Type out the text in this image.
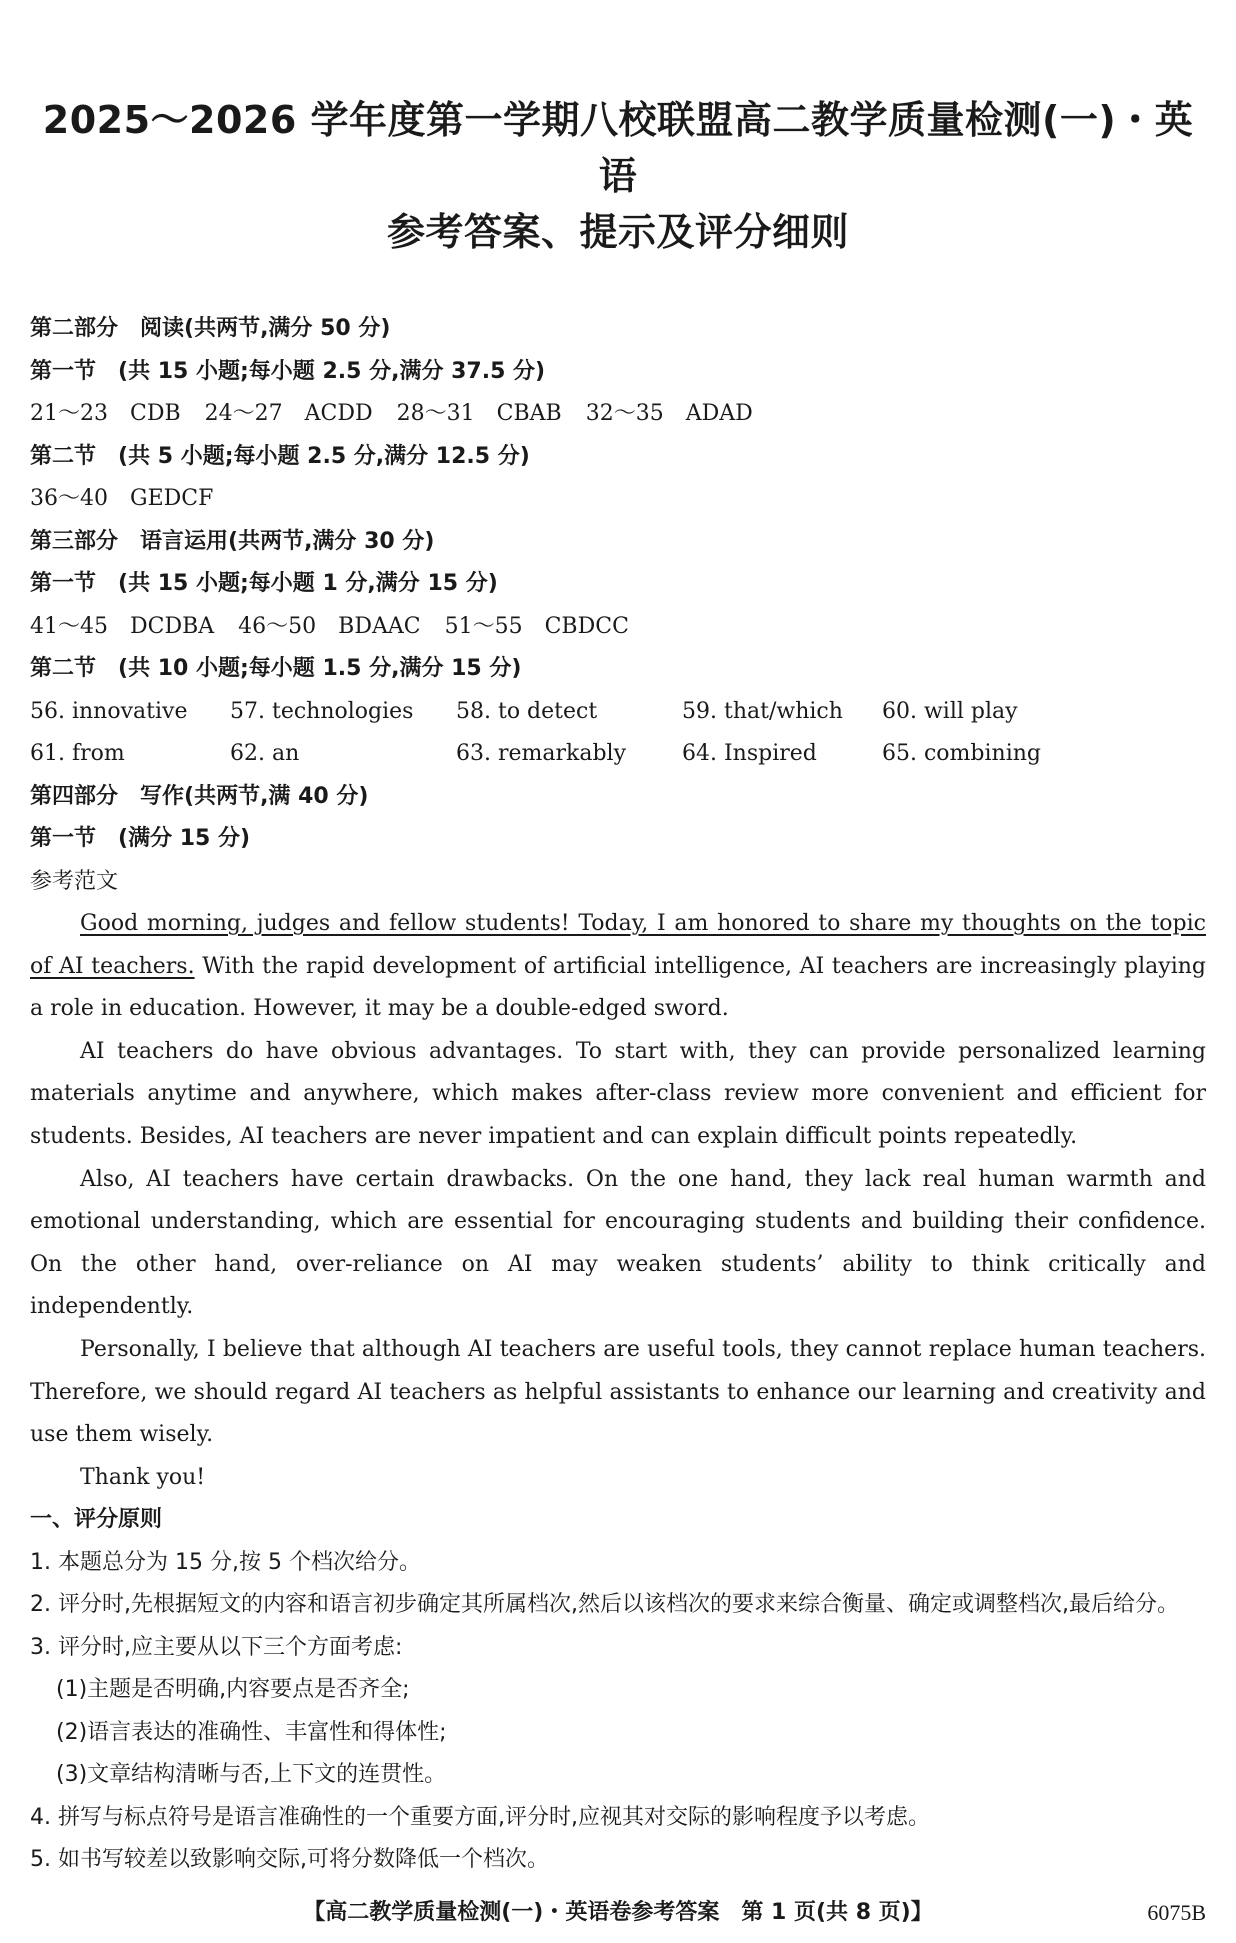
2025～2026 学年度第一学期八校联盟高二教学质量检测(一)・英语
参考答案、提示及评分细则
第二部分 阅读(共两节,满分 50 分)
第一节 (共 15 小题;每小题 2.5 分,满分 37.5 分)
21～23 CDB 24～27 ACDD 28～31 CBAB 32～35 ADAD
第二节 (共 5 小题;每小题 2.5 分,满分 12.5 分)
36～40 GEDCF
第三部分 语言运用(共两节,满分 30 分)
第一节 (共 15 小题;每小题 1 分,满分 15 分)
41～45 DCDBA 46～50 BDAAC 51～55 CBDCC
第二节 (共 10 小题;每小题 1.5 分,满分 15 分)
56. innovative	57. technologies	58. to detect	59. that/which	60. will play
61. from	62. an	63. remarkably	64. Inspired	65. combining
第四部分 写作(共两节,满 40 分)
第一节 (满分 15 分)
参考范文

Good morning, judges and fellow students! Today, I am honored to share my thoughts on the topic of AI teachers. With the rapid development of artificial intelligence, AI teachers are increasingly playing a role in education. However, it may be a double-edged sword.

AI teachers do have obvious advantages. To start with, they can provide personalized learning materials anytime and anywhere, which makes after-class review more convenient and efficient for students. Besides, AI teachers are never impatient and can explain difficult points repeatedly.

Also, AI teachers have certain drawbacks. On the one hand, they lack real human warmth and emotional understanding, which are essential for encouraging students and building their confidence. On the other hand, over-reliance on AI may weaken students’ ability to think critically and independently.

Personally, I believe that although AI teachers are useful tools, they cannot replace human teachers. Therefore, we should regard AI teachers as helpful assistants to enhance our learning and creativity and use them wisely.

Thank you!

一、评分原则
1. 本题总分为 15 分,按 5 个档次给分。
2. 评分时,先根据短文的内容和语言初步确定其所属档次,然后以该档次的要求来综合衡量、确定或调整档次,最后给分。
3. 评分时,应主要从以下三个方面考虑:
(1)主题是否明确,内容要点是否齐全;
(2)语言表达的准确性、丰富性和得体性;
(3)文章结构清晰与否,上下文的连贯性。
4. 拼写与标点符号是语言准确性的一个重要方面,评分时,应视其对交际的影响程度予以考虑。
5. 如书写较差以致影响交际,可将分数降低一个档次。
【高二教学质量检测(一)・英语卷参考答案　第 1 页(共 8 页)】	6075B
